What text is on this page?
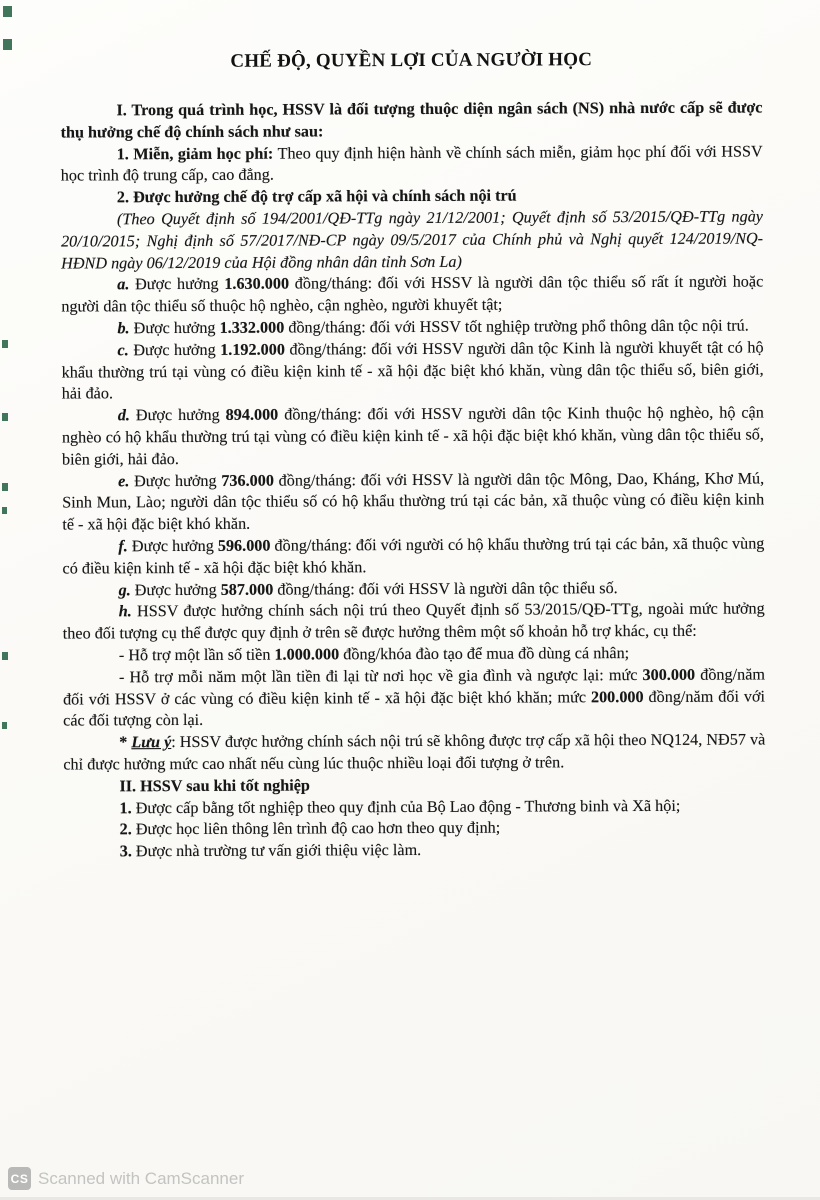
CHẾ ĐỘ, QUYỀN LỢI CỦA NGƯỜI HỌC

I. Trong quá trình học, HSSV là đối tượng thuộc diện ngân sách (NS) nhà nước cấp sẽ được thụ hưởng chế độ chính sách như sau:

1. Miễn, giảm học phí: Theo quy định hiện hành về chính sách miễn, giảm học phí đối với HSSV học trình độ trung cấp, cao đẳng.

2. Được hưởng chế độ trợ cấp xã hội và chính sách nội trú

(Theo Quyết định số 194/2001/QĐ-TTg ngày 21/12/2001; Quyết định số 53/2015/QĐ-TTg ngày 20/10/2015; Nghị định số 57/2017/NĐ-CP ngày 09/5/2017 của Chính phủ và Nghị quyết 124/2019/NQ-HĐND ngày 06/12/2019 của Hội đồng nhân dân tỉnh Sơn La)

a. Được hưởng 1.630.000 đồng/tháng: đối với HSSV là người dân tộc thiểu số rất ít người hoặc người dân tộc thiểu số thuộc hộ nghèo, cận nghèo, người khuyết tật;

b. Được hưởng 1.332.000 đồng/tháng: đối với HSSV tốt nghiệp trường phổ thông dân tộc nội trú.

c. Được hưởng 1.192.000 đồng/tháng: đối với HSSV người dân tộc Kinh là người khuyết tật có hộ khẩu thường trú tại vùng có điều kiện kinh tế - xã hội đặc biệt khó khăn, vùng dân tộc thiểu số, biên giới, hải đảo.

d. Được hưởng 894.000 đồng/tháng: đối với HSSV người dân tộc Kinh thuộc hộ nghèo, hộ cận nghèo có hộ khẩu thường trú tại vùng có điều kiện kinh tế - xã hội đặc biệt khó khăn, vùng dân tộc thiểu số, biên giới, hải đảo.

e. Được hưởng 736.000 đồng/tháng: đối với HSSV là người dân tộc Mông, Dao, Kháng, Khơ Mú, Sinh Mun, Lào; người dân tộc thiểu số có hộ khẩu thường trú tại các bản, xã thuộc vùng có điều kiện kinh tế - xã hội đặc biệt khó khăn.

f. Được hưởng 596.000 đồng/tháng: đối với người có hộ khẩu thường trú tại các bản, xã thuộc vùng có điều kiện kinh tế - xã hội đặc biệt khó khăn.

g. Được hưởng 587.000 đồng/tháng: đối với HSSV là người dân tộc thiểu số.

h. HSSV được hưởng chính sách nội trú theo Quyết định số 53/2015/QĐ-TTg, ngoài mức hưởng theo đối tượng cụ thể được quy định ở trên sẽ được hưởng thêm một số khoản hỗ trợ khác, cụ thể:

- Hỗ trợ một lần số tiền 1.000.000 đồng/khóa đào tạo để mua đồ dùng cá nhân;

- Hỗ trợ mỗi năm một lần tiền đi lại từ nơi học về gia đình và ngược lại: mức 300.000 đồng/năm đối với HSSV ở các vùng có điều kiện kinh tế - xã hội đặc biệt khó khăn; mức 200.000 đồng/năm đối với các đối tượng còn lại.

* Lưu ý: HSSV được hưởng chính sách nội trú sẽ không được trợ cấp xã hội theo NQ124, NĐ57 và chỉ được hưởng mức cao nhất nếu cùng lúc thuộc nhiều loại đối tượng ở trên.

II. HSSV sau khi tốt nghiệp

1. Được cấp bằng tốt nghiệp theo quy định của Bộ Lao động - Thương binh và Xã hội;

2. Được học liên thông lên trình độ cao hơn theo quy định;

3. Được nhà trường tư vấn giới thiệu việc làm.

CS Scanned with CamScanner
